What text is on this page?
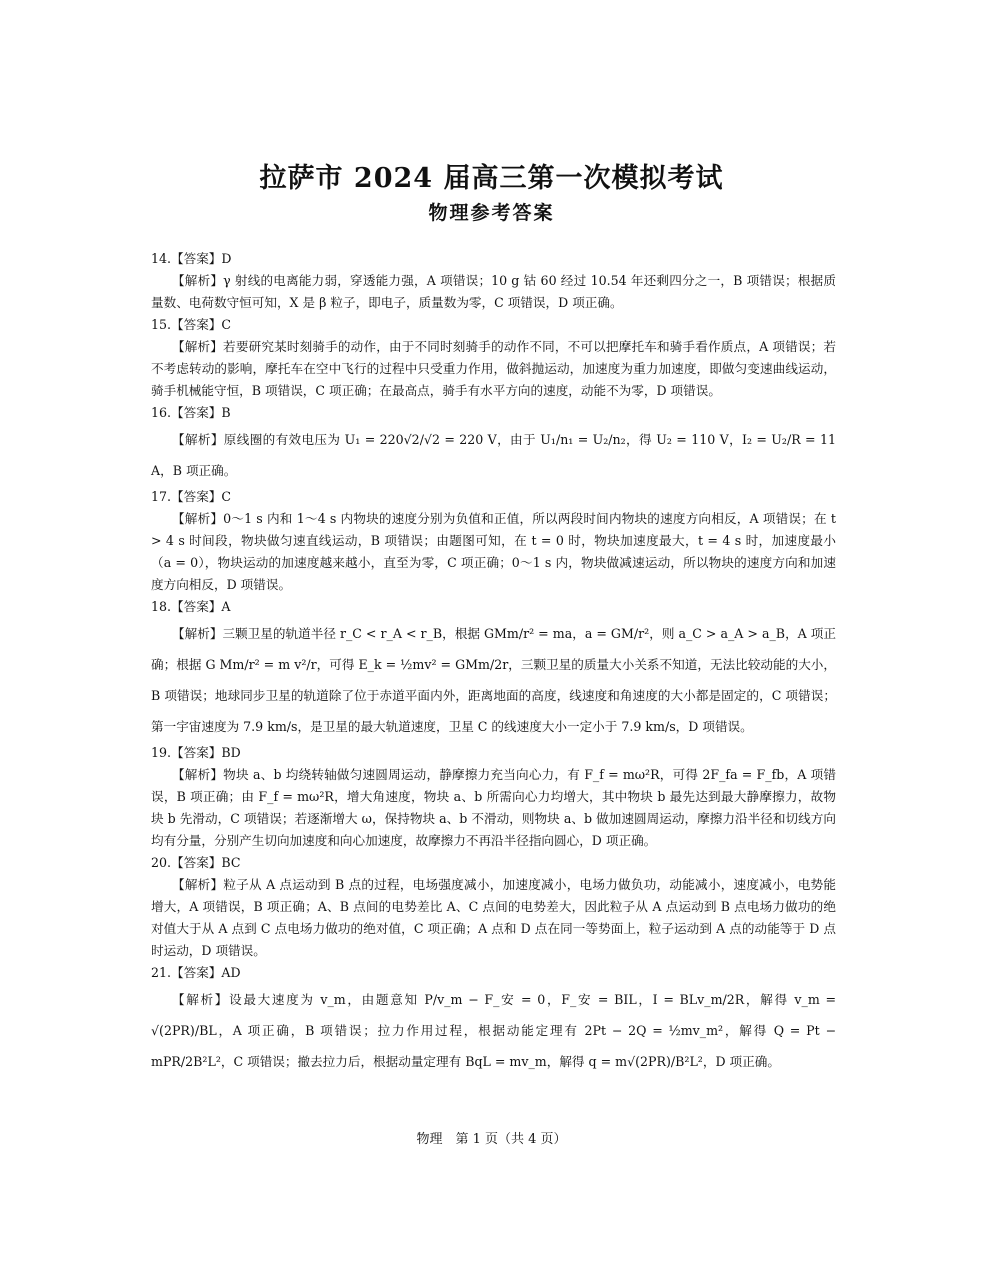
拉萨市 2024 届高三第一次模拟考试
物理参考答案
14.【答案】D

【解析】γ 射线的电离能力弱，穿透能力强，A 项错误；10 g 钴 60 经过 10.54 年还剩四分之一，B 项错误；根据质量数、电荷数守恒可知，X 是 β 粒子，即电子，质量数为零，C 项错误，D 项正确。

15.【答案】C

【解析】若要研究某时刻骑手的动作，由于不同时刻骑手的动作不同，不可以把摩托车和骑手看作质点，A 项错误；若不考虑转动的影响，摩托车在空中飞行的过程中只受重力作用，做斜抛运动，加速度为重力加速度，即做匀变速曲线运动，骑手机械能守恒，B 项错误，C 项正确；在最高点，骑手有水平方向的速度，动能不为零，D 项错误。

16.【答案】B

【解析】原线圈的有效电压为 U₁ = 220√2/√2 = 220 V，由于 U₁/n₁ = U₂/n₂，得 U₂ = 110 V，I₂ = U₂/R = 11 A，B 项正确。

17.【答案】C

【解析】0～1 s 内和 1～4 s 内物块的速度分别为负值和正值，所以两段时间内物块的速度方向相反，A 项错误；在 t > 4 s 时间段，物块做匀速直线运动，B 项错误；由题图可知，在 t = 0 时，物块加速度最大，t = 4 s 时，加速度最小（a = 0），物块运动的加速度越来越小，直至为零，C 项正确；0～1 s 内，物块做减速运动，所以物块的速度方向和加速度方向相反，D 项错误。

18.【答案】A

【解析】三颗卫星的轨道半径 r_C < r_A < r_B，根据 GMm/r² = ma，a = GM/r²，则 a_C > a_A > a_B，A 项正确；根据 G Mm/r² = m v²/r，可得 E_k = ½mv² = GMm/2r，三颗卫星的质量大小关系不知道，无法比较动能的大小，B 项错误；地球同步卫星的轨道除了位于赤道平面内外，距离地面的高度，线速度和角速度的大小都是固定的，C 项错误；第一宇宙速度为 7.9 km/s，是卫星的最大轨道速度，卫星 C 的线速度大小一定小于 7.9 km/s，D 项错误。

19.【答案】BD

【解析】物块 a、b 均绕转轴做匀速圆周运动，静摩擦力充当向心力，有 F_f = mω²R，可得 2F_fa = F_fb，A 项错误，B 项正确；由 F_f = mω²R，增大角速度，物块 a、b 所需向心力均增大，其中物块 b 最先达到最大静摩擦力，故物块 b 先滑动，C 项错误；若逐渐增大 ω，保持物块 a、b 不滑动，则物块 a、b 做加速圆周运动，摩擦力沿半径和切线方向均有分量，分别产生切向加速度和向心加速度，故摩擦力不再沿半径指向圆心，D 项正确。

20.【答案】BC

【解析】粒子从 A 点运动到 B 点的过程，电场强度减小，加速度减小，电场力做负功，动能减小，速度减小，电势能增大，A 项错误，B 项正确；A、B 点间的电势差比 A、C 点间的电势差大，因此粒子从 A 点运动到 B 点电场力做功的绝对值大于从 A 点到 C 点电场力做功的绝对值，C 项正确；A 点和 D 点在同一等势面上，粒子运动到 A 点的动能等于 D 点时运动，D 项错误。

21.【答案】AD

【解析】设最大速度为 v_m，由题意知 P/v_m − F_安 = 0，F_安 = BIL，I = BLv_m/2R，解得 v_m = √(2PR)/BL，A 项正确，B 项错误；拉力作用过程，根据动能定理有 2Pt − 2Q = ½mv_m²，解得 Q = Pt − mPR/2B²L²，C 项错误；撤去拉力后，根据动量定理有 BqL = mv_m，解得 q = m√(2PR)/B²L²，D 项正确。

物理　第 1 页（共 4 页）
